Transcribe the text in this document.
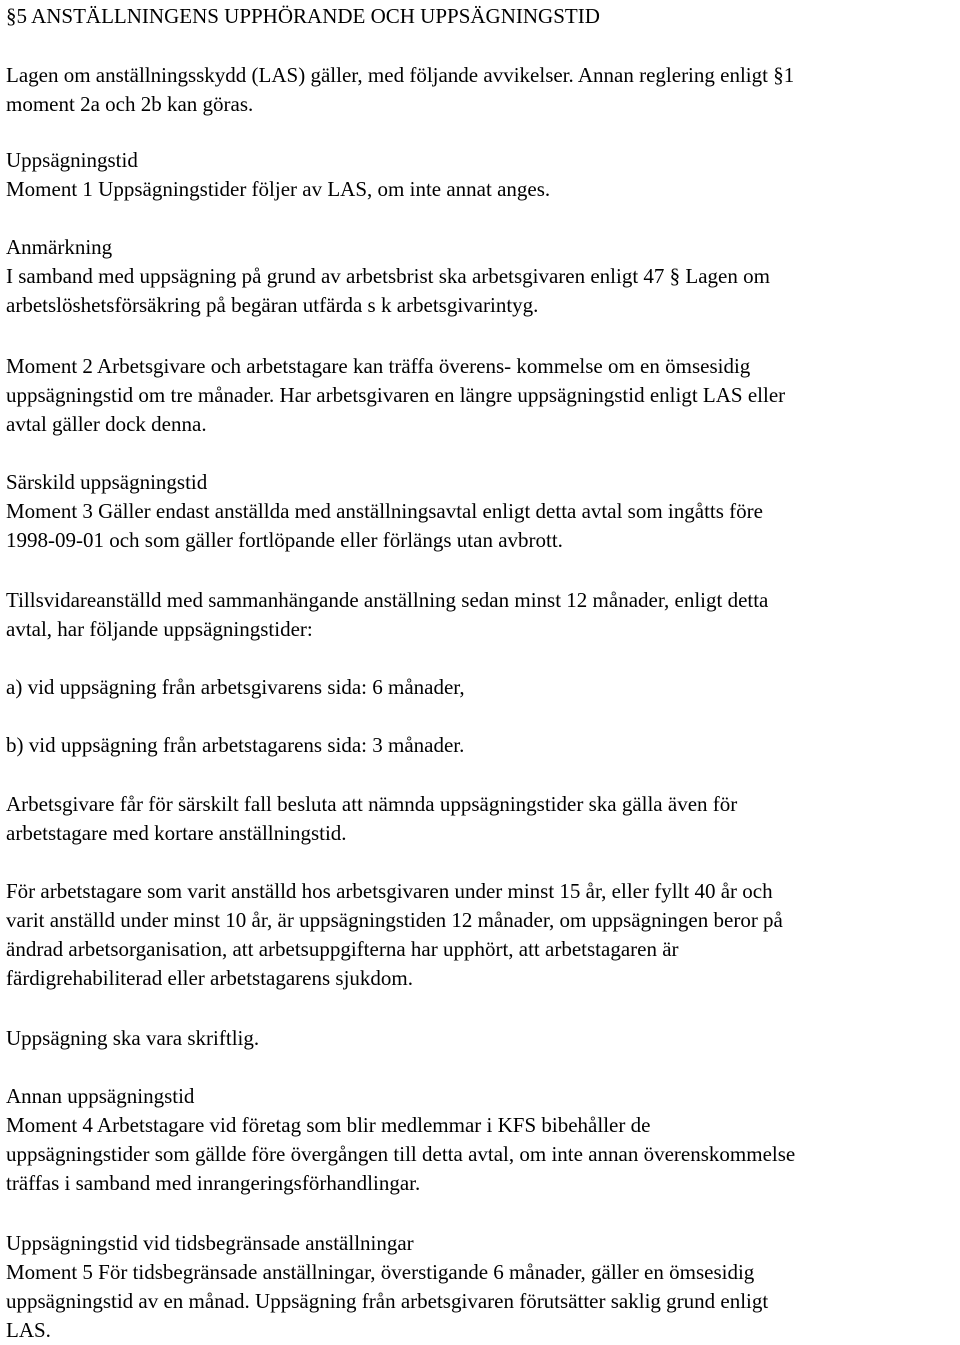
§5 ANSTÄLLNINGENS UPPHÖRANDE OCH UPPSÄGNINGSTID
Lagen om anställningsskydd (LAS) gäller, med följande avvikelser. Annan reglering enligt §1
moment 2a och 2b kan göras.
Uppsägningstid
Moment 1 Uppsägningstider följer av LAS, om inte annat anges.
Anmärkning
I samband med uppsägning på grund av arbetsbrist ska arbetsgivaren enligt 47 § Lagen om
arbetslöshetsförsäkring på begäran utfärda s k arbetsgivarintyg.
Moment 2 Arbetsgivare och arbetstagare kan träffa överens- kommelse om en ömsesidig
uppsägningstid om tre månader. Har arbetsgivaren en längre uppsägningstid enligt LAS eller
avtal gäller dock denna.
Särskild uppsägningstid
Moment 3 Gäller endast anställda med anställningsavtal enligt detta avtal som ingåtts före
1998-09-01 och som gäller fortlöpande eller förlängs utan avbrott.
Tillsvidareanställd med sammanhängande anställning sedan minst 12 månader, enligt detta
avtal, har följande uppsägningstider:
a) vid uppsägning från arbetsgivarens sida: 6 månader,
b) vid uppsägning från arbetstagarens sida: 3 månader.
Arbetsgivare får för särskilt fall besluta att nämnda uppsägningstider ska gälla även för
arbetstagare med kortare anställningstid.
För arbetstagare som varit anställd hos arbetsgivaren under minst 15 år, eller fyllt 40 år och
varit anställd under minst 10 år, är uppsägningstiden 12 månader, om uppsägningen beror på
ändrad arbetsorganisation, att arbetsuppgifterna har upphört, att arbetstagaren är
färdigrehabiliterad eller arbetstagarens sjukdom.
Uppsägning ska vara skriftlig.
Annan uppsägningstid
Moment 4 Arbetstagare vid företag som blir medlemmar i KFS bibehåller de
uppsägningstider som gällde före övergången till detta avtal, om inte annan överenskommelse
träffas i samband med inrangeringsförhandlingar.
Uppsägningstid vid tidsbegränsade anställningar
Moment 5 För tidsbegränsade anställningar, överstigande 6 månader, gäller en ömsesidig
uppsägningstid av en månad. Uppsägning från arbetsgivaren förutsätter saklig grund enligt
LAS.
